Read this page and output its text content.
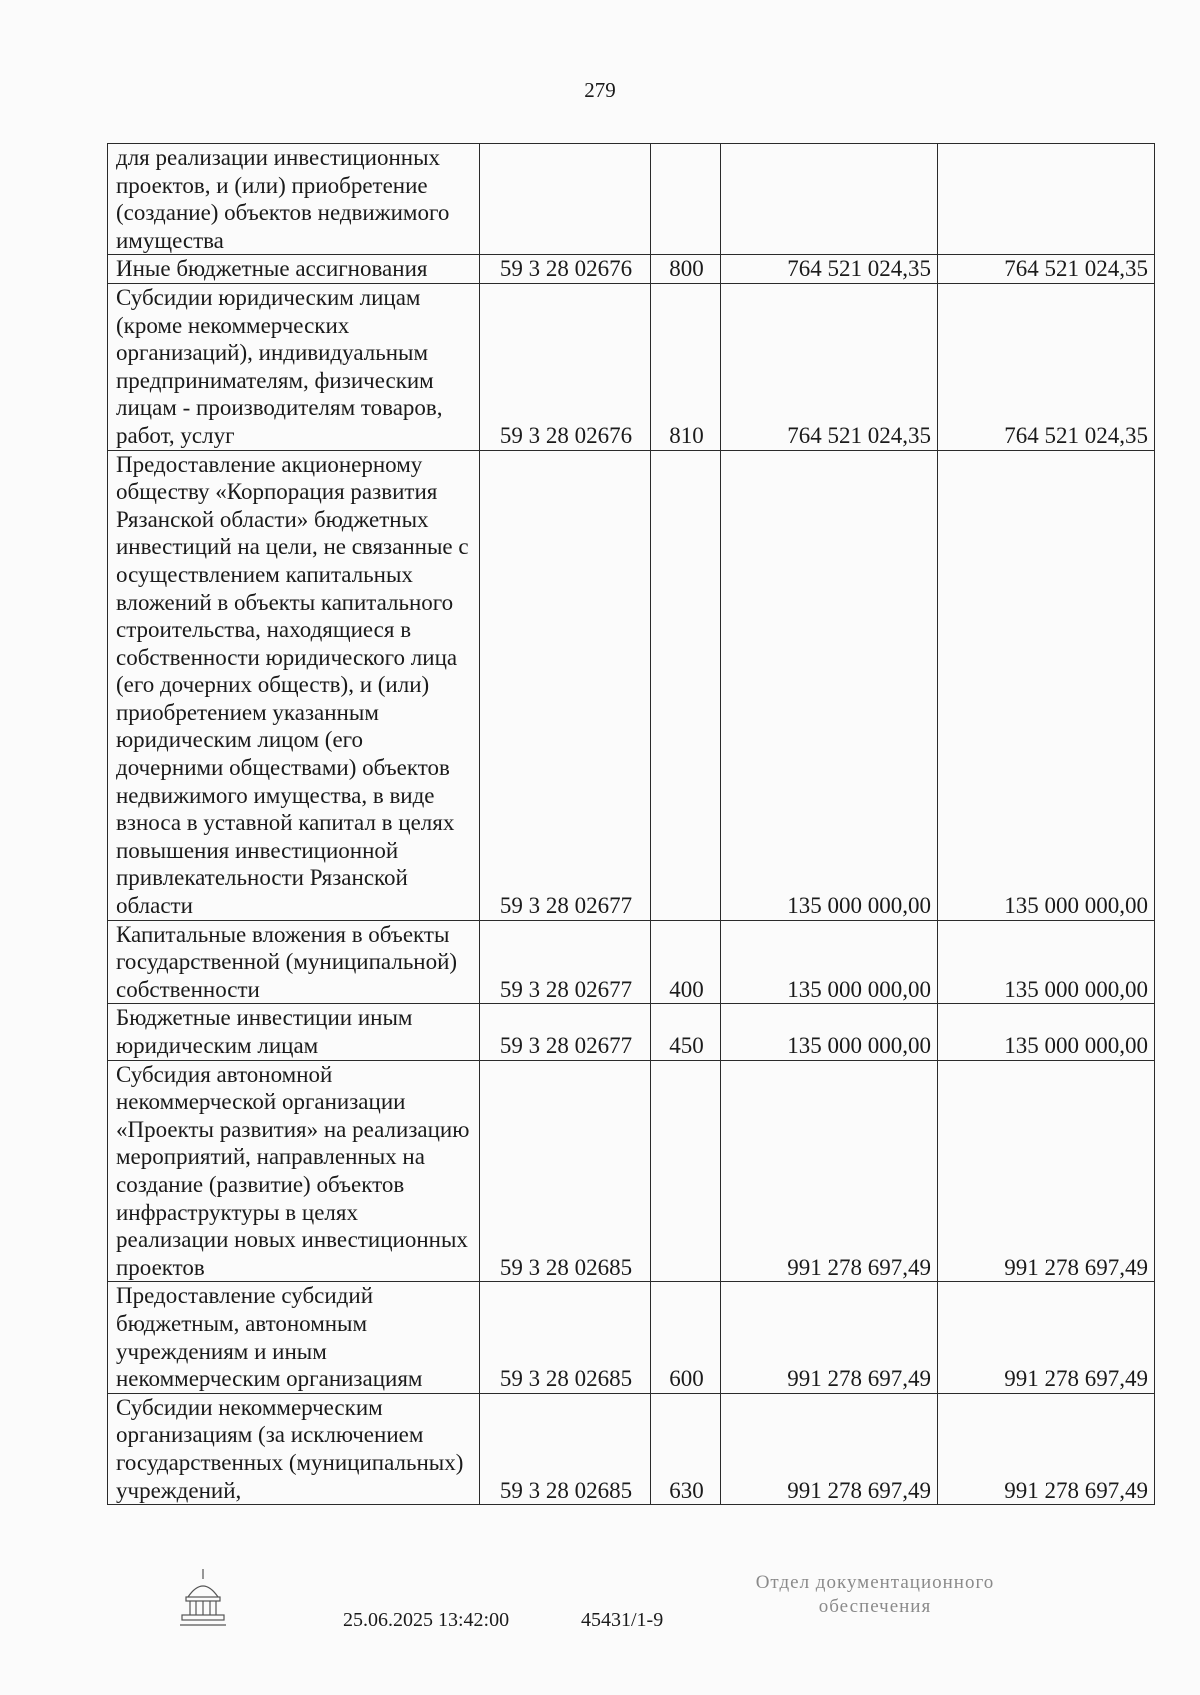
279
для реализации инвестиционных проектов, и (или) приобретение (создание) объектов недвижимого имущества				
Иные бюджетные ассигнования	59 3 28 02676	800	764 521 024,35	764 521 024,35
Субсидии юридическим лицам (кроме некоммерческих организаций), индивидуальным предпринимателям, физическим лицам - производителям товаров, работ, услуг	59 3 28 02676	810	764 521 024,35	764 521 024,35
Предоставление акционерному обществу «Корпорация развития Рязанской области» бюджетных инвестиций на цели, не связанные с осуществлением капитальных вложений в объекты капитального строительства, находящиеся в собственности юридического лица (его дочерних обществ), и (или) приобретением указанным юридическим лицом (его дочерними обществами) объектов недвижимого имущества, в виде взноса в уставной капитал в целях повышения инвестиционной привлекательности Рязанской области	59 3 28 02677		135 000 000,00	135 000 000,00
Капитальные вложения в объекты государственной (муниципальной) собственности	59 3 28 02677	400	135 000 000,00	135 000 000,00
Бюджетные инвестиции иным юридическим лицам	59 3 28 02677	450	135 000 000,00	135 000 000,00
Субсидия автономной некоммерческой организации «Проекты развития» на реализацию мероприятий, направленных на создание (развитие) объектов инфраструктуры в целях реализации новых инвестиционных проектов	59 3 28 02685		991 278 697,49	991 278 697,49
Предоставление субсидий бюджетным, автономным учреждениям и иным некоммерческим организациям	59 3 28 02685	600	991 278 697,49	991 278 697,49
Субсидии некоммерческим организациям (за исключением государственных (муниципальных) учреждений,	59 3 28 02685	630	991 278 697,49	991 278 697,49
25.06.2025 13:42:00	45431/1-9
Отдел документационного
обеспечения
